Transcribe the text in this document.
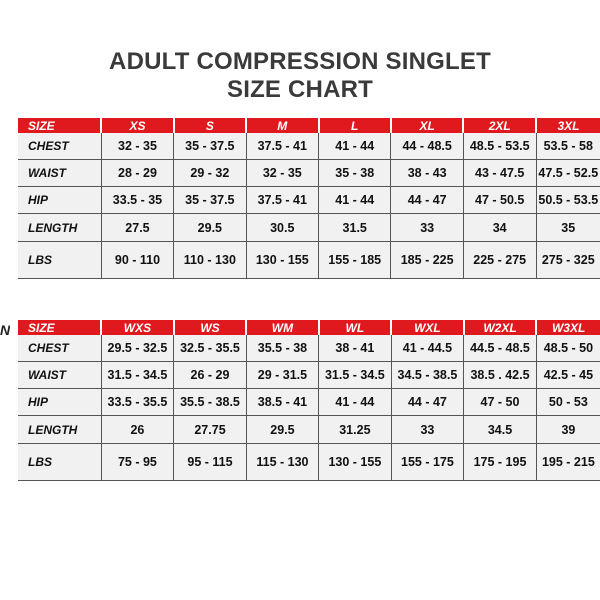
ADULT COMPRESSION SINGLET
SIZE CHART
N
SIZE	XS	S	M	L	XL	2XL	3XL
CHEST	32 - 35	35 - 37.5	37.5 - 41	41 - 44	44 - 48.5	48.5 - 53.5	53.5 - 58
WAIST	28 - 29	29 - 32	32 - 35	35 - 38	38 - 43	43 - 47.5	47.5 - 52.5
HIP	33.5 - 35	35 - 37.5	37.5 - 41	41 - 44	44 - 47	47 - 50.5	50.5 - 53.5
LENGTH	27.5	29.5	30.5	31.5	33	34	35
LBS	90 - 110	110 - 130	130 - 155	155 - 185	185 - 225	225 - 275	275 - 325
SIZE	WXS	WS	WM	WL	WXL	W2XL	W3XL
CHEST	29.5 - 32.5	32.5 - 35.5	35.5 - 38	38 - 41	41 - 44.5	44.5 - 48.5	48.5 - 50
WAIST	31.5 - 34.5	26 - 29	29 - 31.5	31.5 - 34.5	34.5 - 38.5	38.5 . 42.5	42.5 - 45
HIP	33.5 - 35.5	35.5 - 38.5	38.5 - 41	41 - 44	44 - 47	47 - 50	50 - 53
LENGTH	26	27.75	29.5	31.25	33	34.5	39
LBS	75 - 95	95 - 115	115 - 130	130 - 155	155 - 175	175 - 195	195 - 215
